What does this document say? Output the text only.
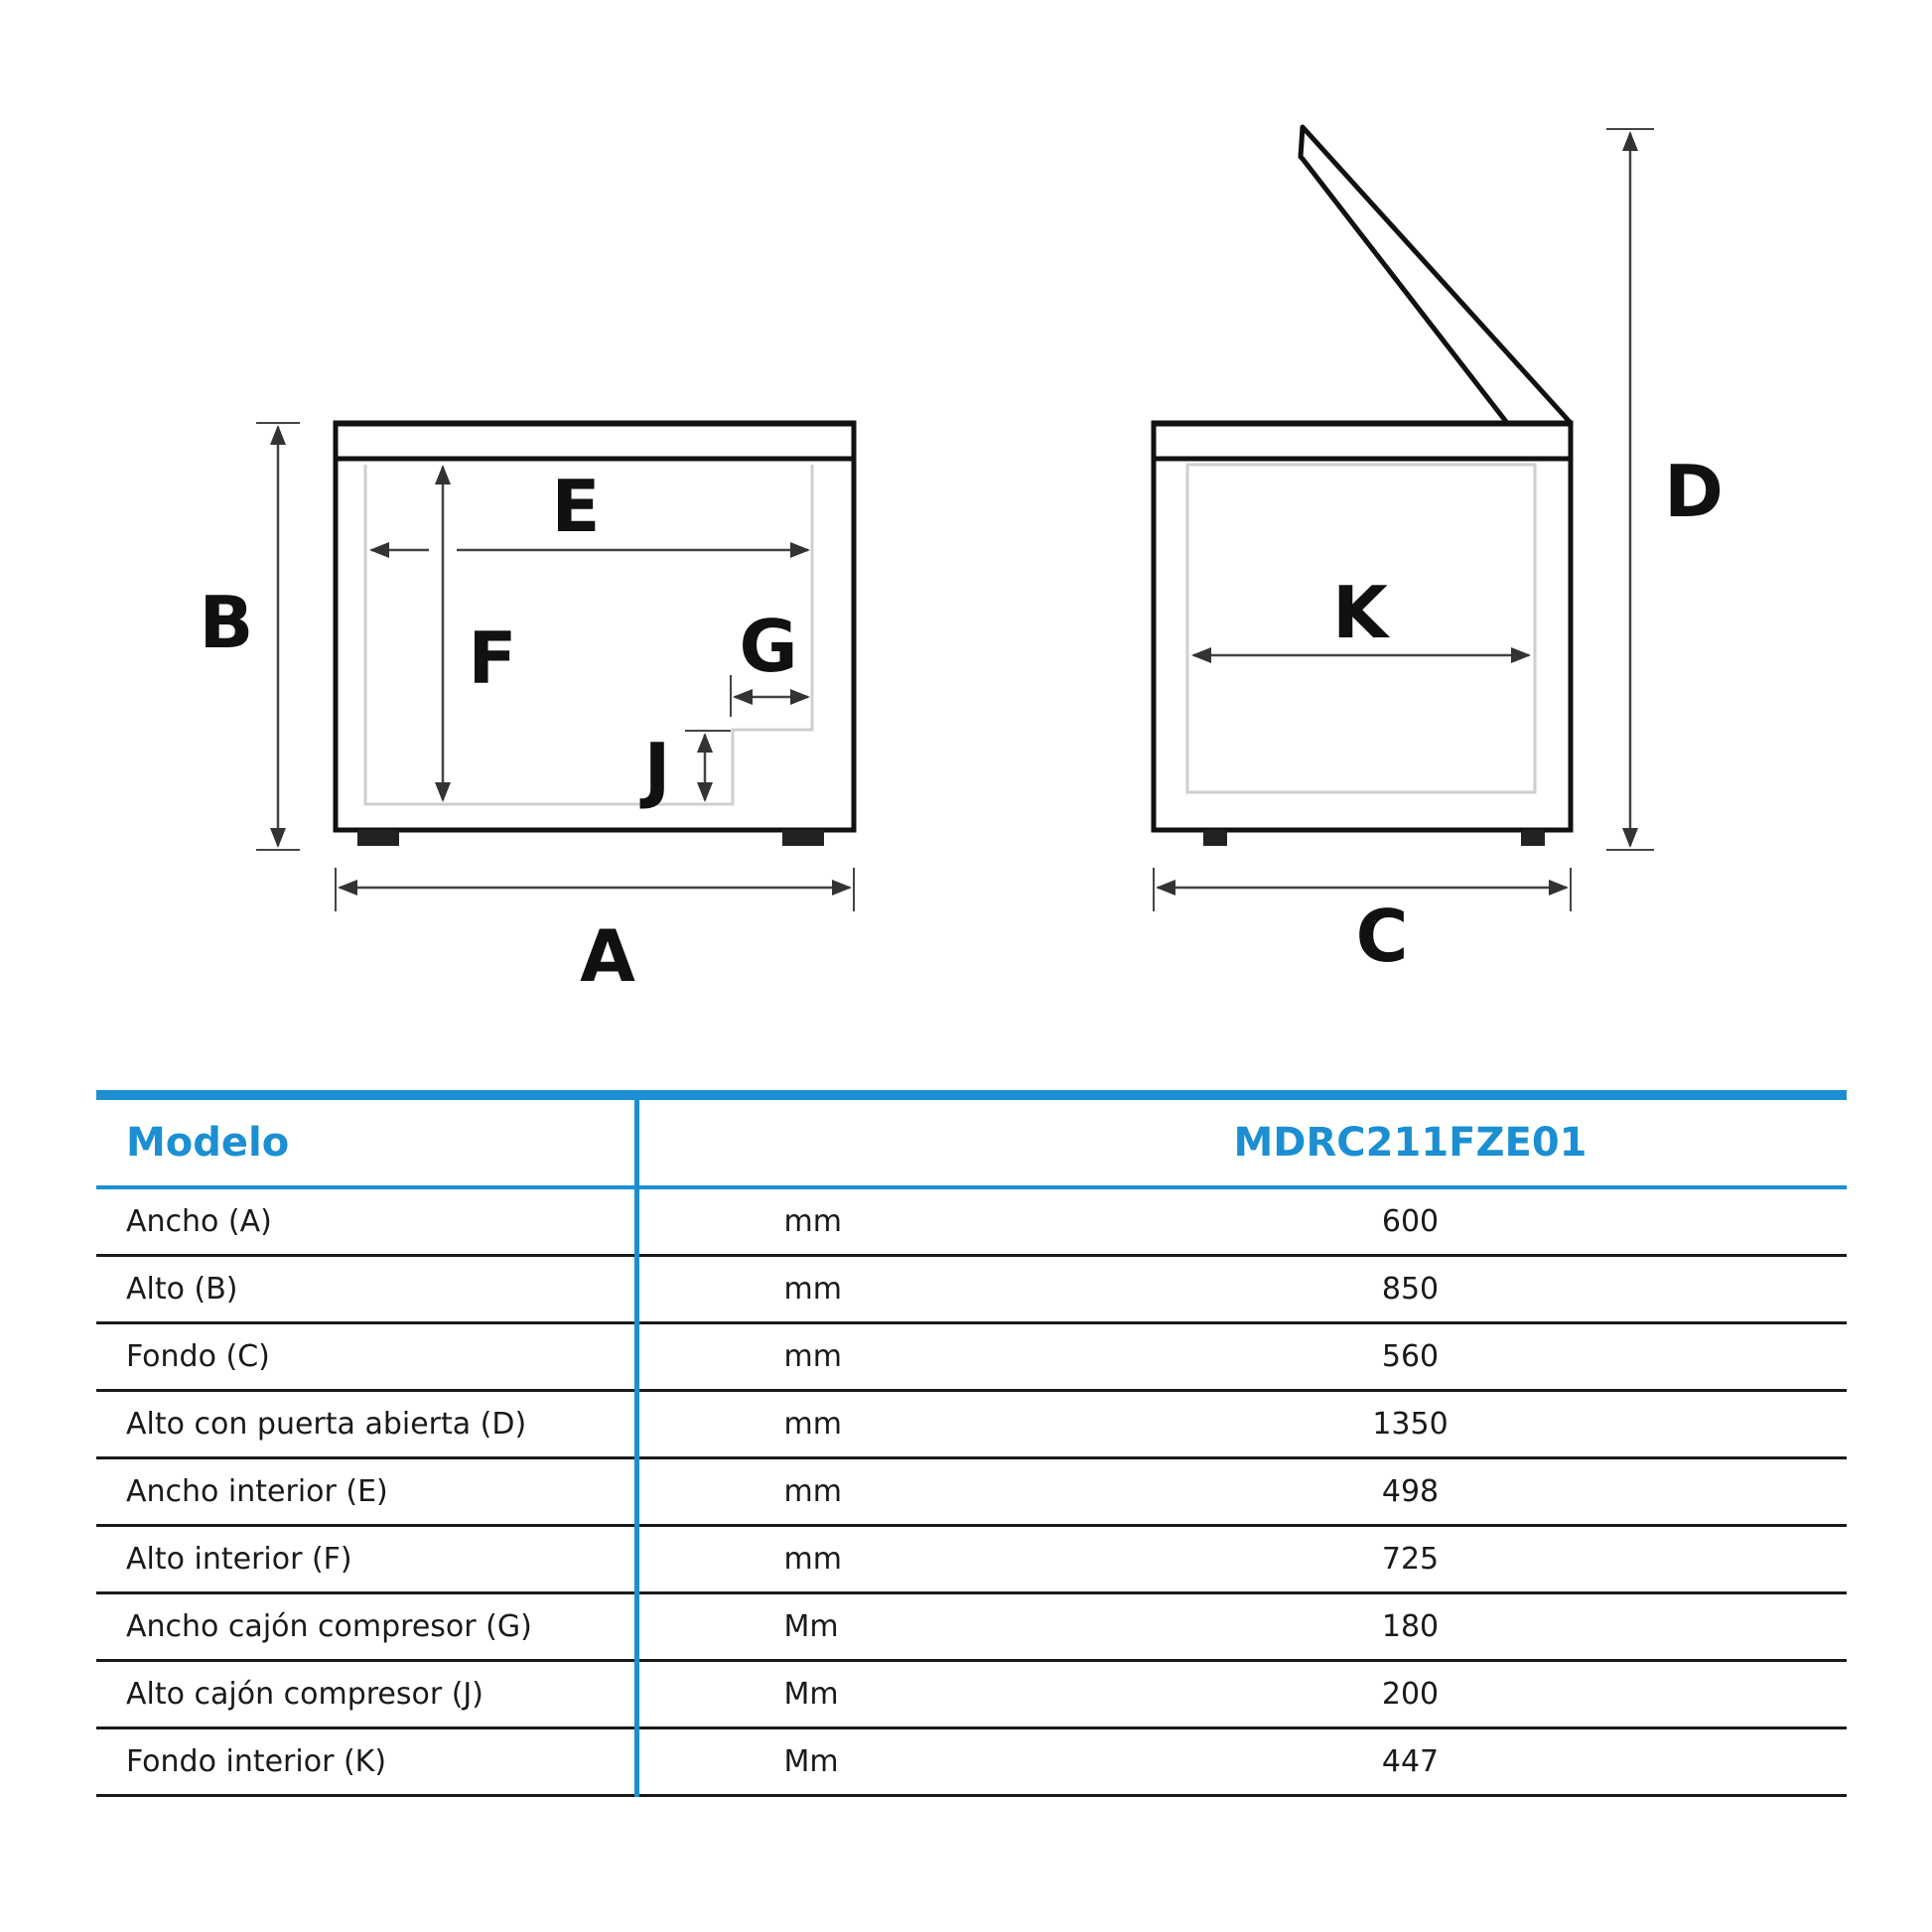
B
E
F	G
J
A
K
D
C
Modelo		MDRC211FZE01
Ancho (A)	mm	600
Alto (B)	mm	850
Fondo (C)	mm	560
Alto con puerta abierta (D)	mm	1350
Ancho interior (E)	mm	498
Alto interior (F)	mm	725
Ancho cajón compresor (G)	Mm	180
Alto cajón compresor (J)	Mm	200
Fondo interior (K)	Mm	447
